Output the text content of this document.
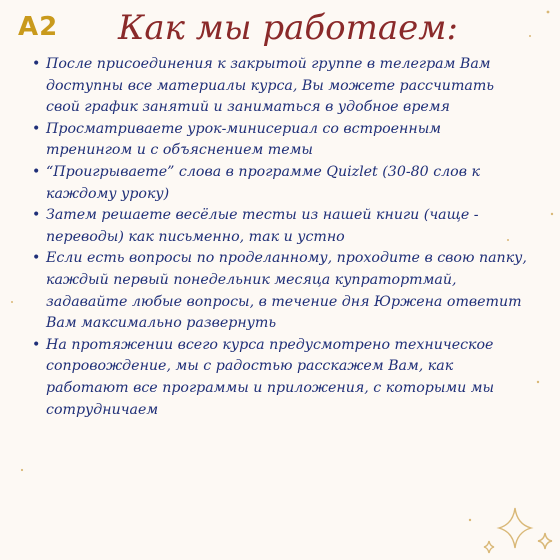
A2 Как мы работаем:
• После присоединения к закрытой группе в телеграм Вам доступны все материалы курса, Вы можете рассчитать свой график занятий и заниматься в удобное время
• Просматриваете урок-минисериал со встроенным тренингом и с объяснением темы
• “Проигрываете” слова в программе Quizlet (30-80 слов к каждому уроку)
• Затем решаете весёлые тесты из нашей книги (чаще - переводы) как письменно, так и устно
• Если есть вопросы по проделанному, проходите в свою папку, каждый первый понедельник месяца купратортмай, задавайте любые вопросы, в течение дня Юржена ответит Вам максимально развернуть
• На протяжении всего курса предусмотрено техническое сопровождение, мы с радостью расскажем Вам, как работают все программы и приложения, с которыми мы сотрудничаем
